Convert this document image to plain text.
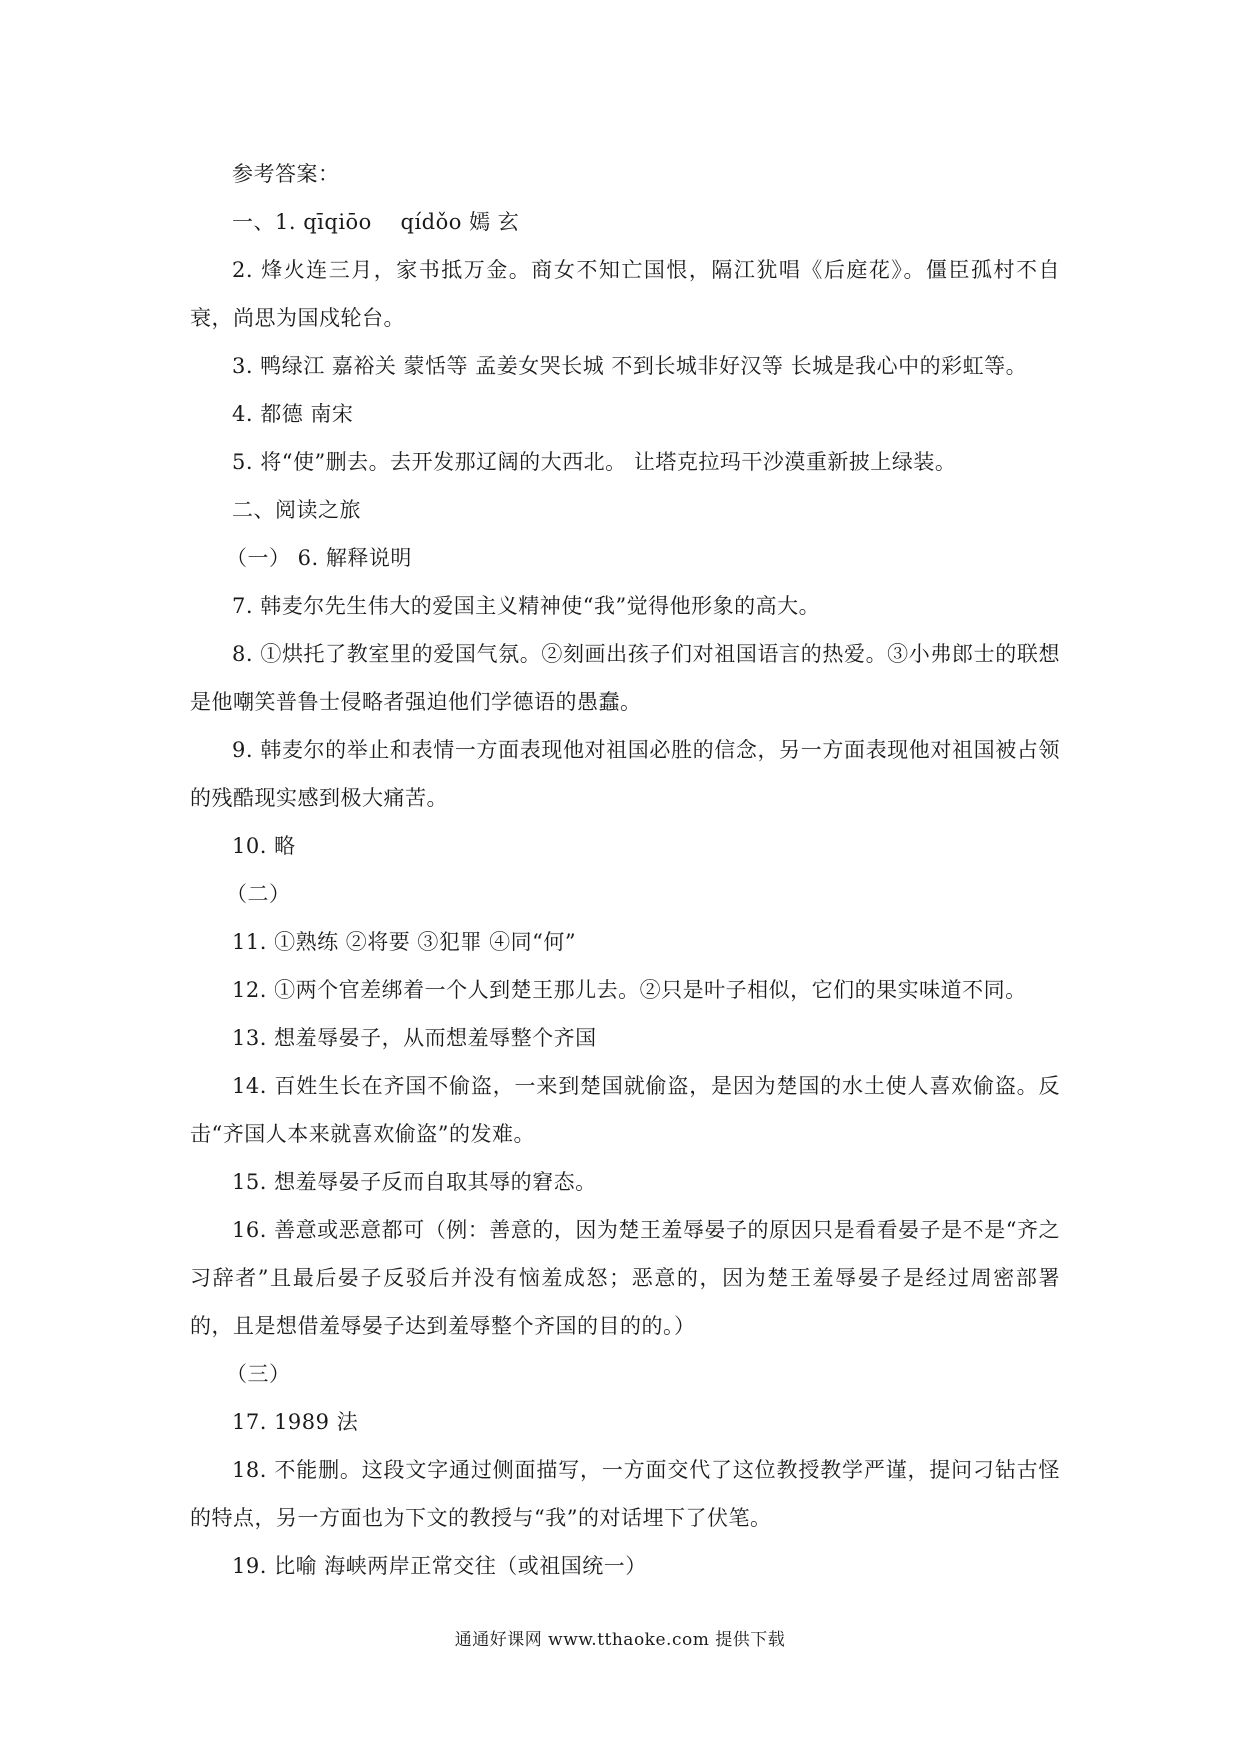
参考答案：

一、1. qīqiōo    qídǒo 嫣 玄

2. 烽火连三月，家书抵万金。商女不知亡国恨，隔江犹唱《后庭花》。僵臣孤村不自衰，尚思为国戍轮台。

3. 鸭绿江 嘉裕关 蒙恬等 孟姜女哭长城 不到长城非好汉等 长城是我心中的彩虹等。

4. 都德 南宋

5. 将“使”删去。去开发那辽阔的大西北。 让塔克拉玛干沙漠重新披上绿装。

二、阅读之旅

（一） 6. 解释说明

7. 韩麦尔先生伟大的爱国主义精神使“我”觉得他形象的高大。

8. ①烘托了教室里的爱国气氛。②刻画出孩子们对祖国语言的热爱。③小弗郎士的联想是他嘲笑普鲁士侵略者强迫他们学德语的愚蠢。

9. 韩麦尔的举止和表情一方面表现他对祖国必胜的信念，另一方面表现他对祖国被占领的残酷现实感到极大痛苦。

10. 略

（二）

11. ①熟练 ②将要 ③犯罪 ④同“何”

12. ①两个官差绑着一个人到楚王那儿去。②只是叶子相似，它们的果实味道不同。

13. 想羞辱晏子，从而想羞辱整个齐国

14. 百姓生长在齐国不偷盗，一来到楚国就偷盗，是因为楚国的水土使人喜欢偷盗。反击“齐国人本来就喜欢偷盗”的发难。

15. 想羞辱晏子反而自取其辱的窘态。

16. 善意或恶意都可（例：善意的，因为楚王羞辱晏子的原因只是看看晏子是不是“齐之习辞者”且最后晏子反驳后并没有恼羞成怒；恶意的，因为楚王羞辱晏子是经过周密部署的，且是想借羞辱晏子达到羞辱整个齐国的目的的。）

（三）

17. 1989 法

18. 不能删。这段文字通过侧面描写，一方面交代了这位教授教学严谨，提问刁钻古怪的特点，另一方面也为下文的教授与“我”的对话埋下了伏笔。

19. 比喻 海峡两岸正常交往（或祖国统一）

通通好课网 www.tthaoke.com 提供下载
